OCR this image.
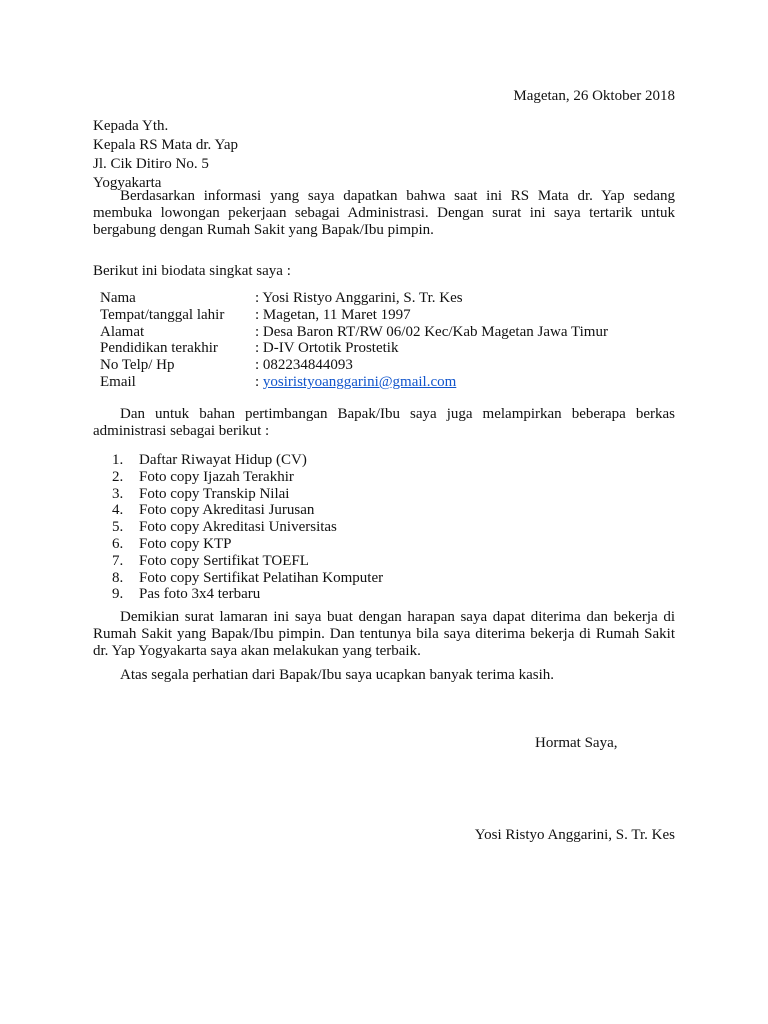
Magetan, 26 Oktober 2018
Kepada Yth.
Kepala RS Mata dr. Yap
Jl. Cik Ditiro No. 5
Yogyakarta

Berdasarkan informasi yang saya dapatkan bahwa saat ini RS Mata dr. Yap sedang membuka lowongan pekerjaan sebagai Administrasi. Dengan surat ini saya tertarik untuk bergabung dengan Rumah Sakit yang Bapak/Ibu pimpin.

Berikut ini biodata singkat saya :

Nama	: Yosi Ristyo Anggarini, S. Tr. Kes
Tempat/tanggal lahir	: Magetan, 11 Maret 1997
Alamat	: Desa Baron RT/RW 06/02 Kec/Kab Magetan Jawa Timur
Pendidikan terakhir	: D-IV Ortotik Prostetik
No Telp/ Hp	: 082234844093
Email	: yosiristyoanggarini@gmail.com

Dan untuk bahan pertimbangan Bapak/Ibu saya juga melampirkan beberapa berkas administrasi sebagai berikut :

1.	Daftar Riwayat Hidup (CV)
2.	Foto copy Ijazah Terakhir
3.	Foto copy Transkip Nilai
4.	Foto copy Akreditasi Jurusan
5.	Foto copy Akreditasi Universitas
6.	Foto copy KTP
7.	Foto copy Sertifikat TOEFL
8.	Foto copy Sertifikat Pelatihan Komputer
9.	Pas foto 3x4 terbaru

Demikian surat lamaran ini saya buat dengan harapan saya dapat diterima dan bekerja di Rumah Sakit yang Bapak/Ibu pimpin. Dan tentunya bila saya diterima bekerja di Rumah Sakit dr. Yap Yogyakarta saya akan melakukan yang terbaik.

Atas segala perhatian dari Bapak/Ibu saya ucapkan banyak terima kasih.

Hormat Saya,
Yosi Ristyo Anggarini, S. Tr. Kes
